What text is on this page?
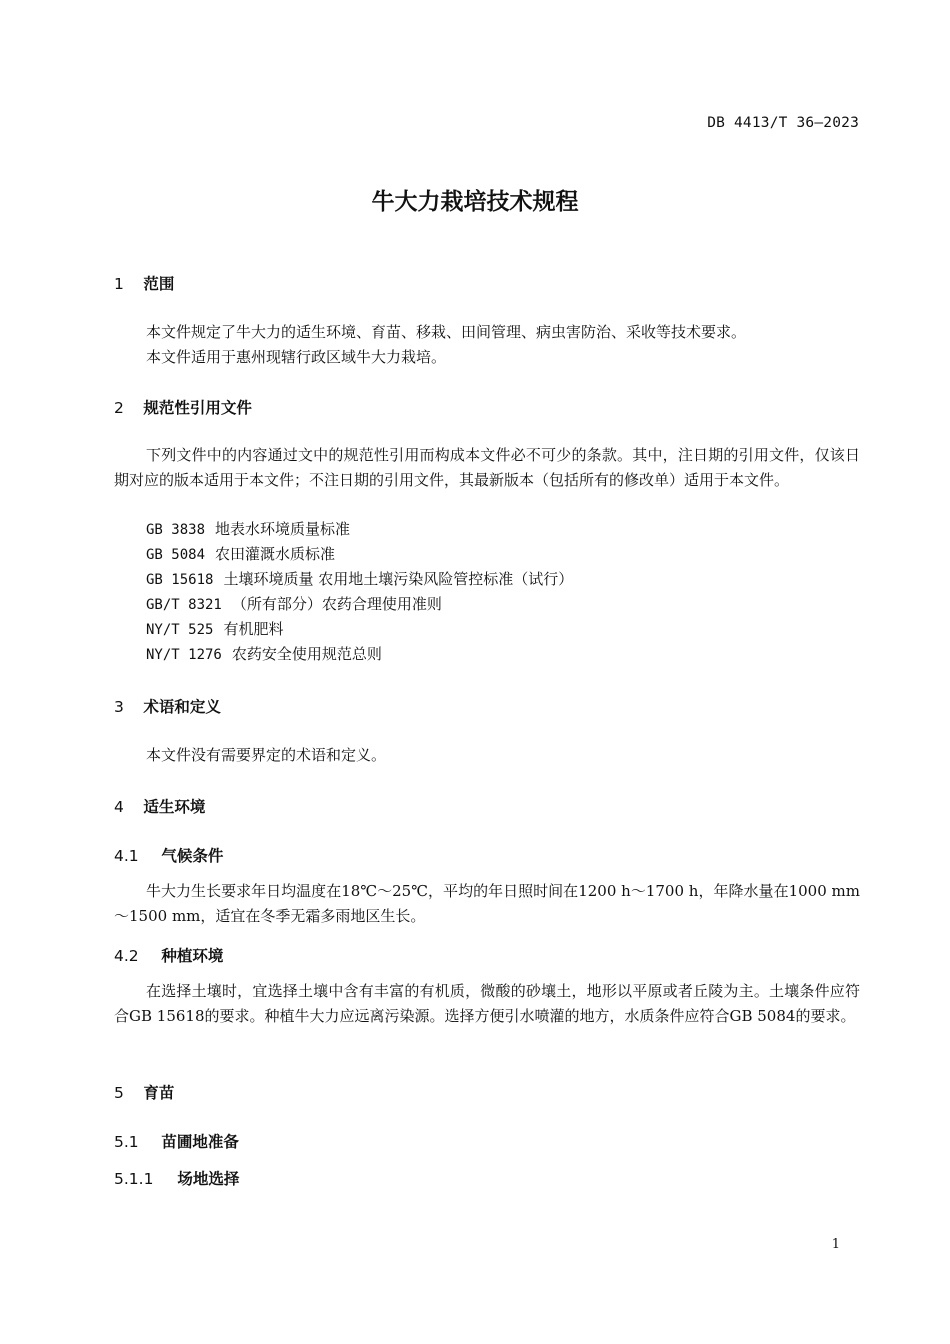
DB 4413/T 36—2023
牛大力栽培技术规程
1 范围
本文件规定了牛大力的适生环境、育苗、移栽、田间管理、病虫害防治、采收等技术要求。
本文件适用于惠州现辖行政区域牛大力栽培。
2 规范性引用文件
下列文件中的内容通过文中的规范性引用而构成本文件必不可少的条款。其中，注日期的引用文件，仅该日期对应的版本适用于本文件；不注日期的引用文件，其最新版本（包括所有的修改单）适用于本文件。
GB 3838 地表水环境质量标准
GB 5084 农田灌溉水质标准
GB 15618 土壤环境质量 农用地土壤污染风险管控标准（试行）
GB/T 8321 （所有部分）农药合理使用准则
NY/T 525 有机肥料
NY/T 1276 农药安全使用规范总则
3 术语和定义
本文件没有需要界定的术语和定义。
4 适生环境
4.1 气候条件
牛大力生长要求年日均温度在18℃～25℃，平均的年日照时间在1200 h～1700 h，年降水量在1000 mm～1500 mm，适宜在冬季无霜多雨地区生长。
4.2 种植环境
在选择土壤时，宜选择土壤中含有丰富的有机质，微酸的砂壤土，地形以平原或者丘陵为主。土壤条件应符合GB 15618的要求。种植牛大力应远离污染源。选择方便引水喷灌的地方，水质条件应符合GB 5084的要求。
5 育苗
5.1 苗圃地准备
5.1.1 场地选择
1
